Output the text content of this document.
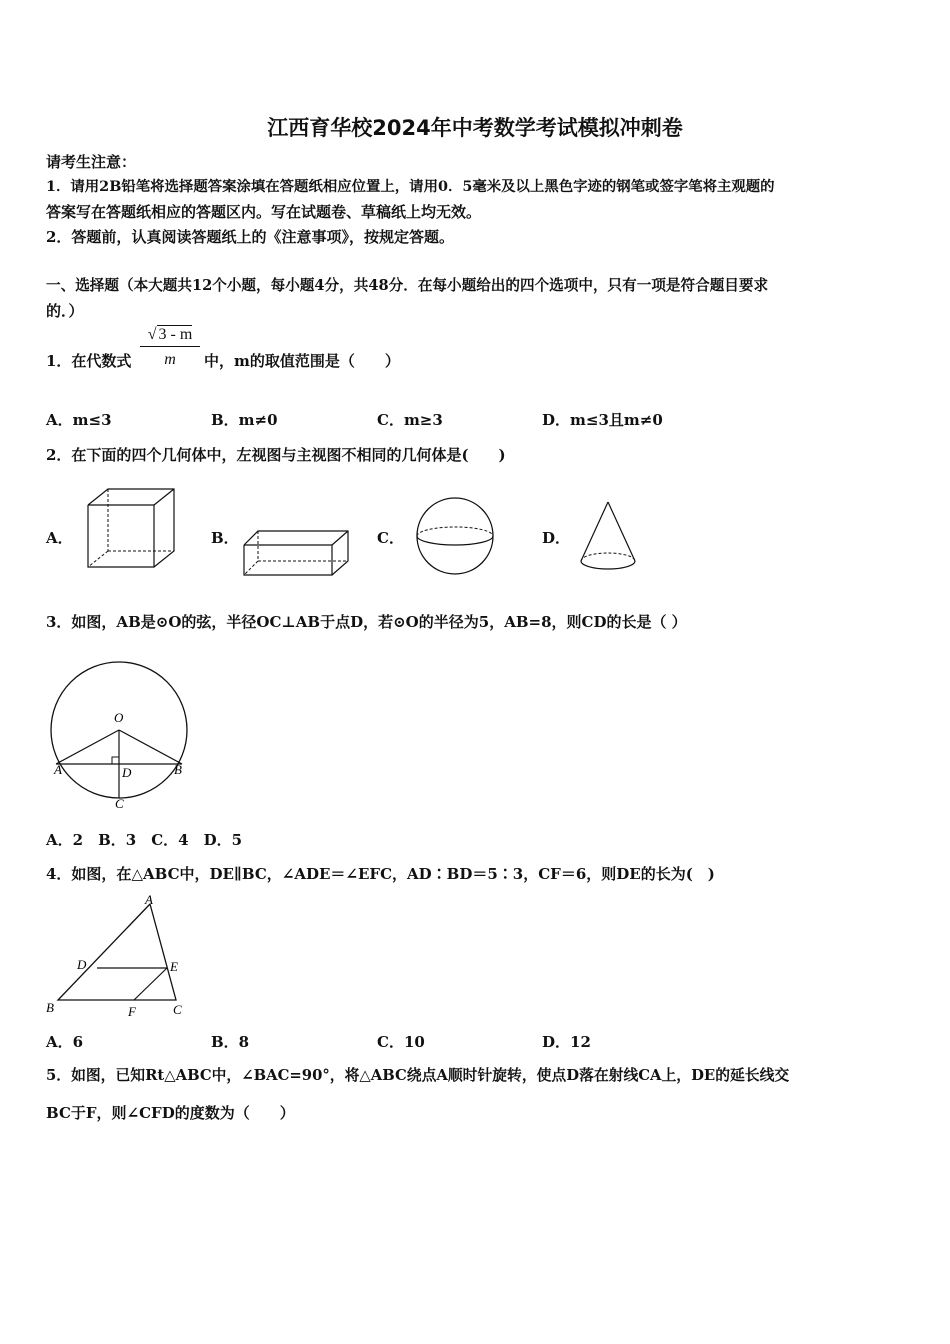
江西育华校2024年中考数学考试模拟冲刺卷
请考生注意：
1．请用2B铅笔将选择题答案涂填在答题纸相应位置上，请用0．5毫米及以上黑色字迹的钢笔或签字笔将主观题的
答案写在答题纸相应的答题区内。写在试题卷、草稿纸上均无效。
2．答题前，认真阅读答题纸上的《注意事项》，按规定答题。
一、选择题（本大题共12个小题，每小题4分，共48分．在每小题给出的四个选项中，只有一项是符合题目要求
的．）
1．在代数式 $\frac{√ 3 - m}{m}$ 中，m的取值范围是（　　）
A．m≤3	B．m≠0	C．m≥3	D．m≤3且m≠0
2．在下面的四个几何体中，左视图与主视图不相同的几何体是(　　)
A．	B．	C．	D．
3．如图，AB是⊙O的弦，半径OC⊥AB于点D，若⊙O的半径为5，AB=8，则CD的长是（ ）
O
A	B
D
C
A．2　B．3　C．4　D．5
4．如图，在△ABC中，DE∥BC，∠ADE＝∠EFC，AD∶BD＝5∶3，CF＝6，则DE的长为(　)
A
D	E
B	F	C
A．6	B．8	C．10	D．12
5．如图，已知Rt△ABC中，∠BAC=90°，将△ABC绕点A顺时针旋转，使点D落在射线CA上，DE的延长线交
BC于F，则∠CFD的度数为（　　）
